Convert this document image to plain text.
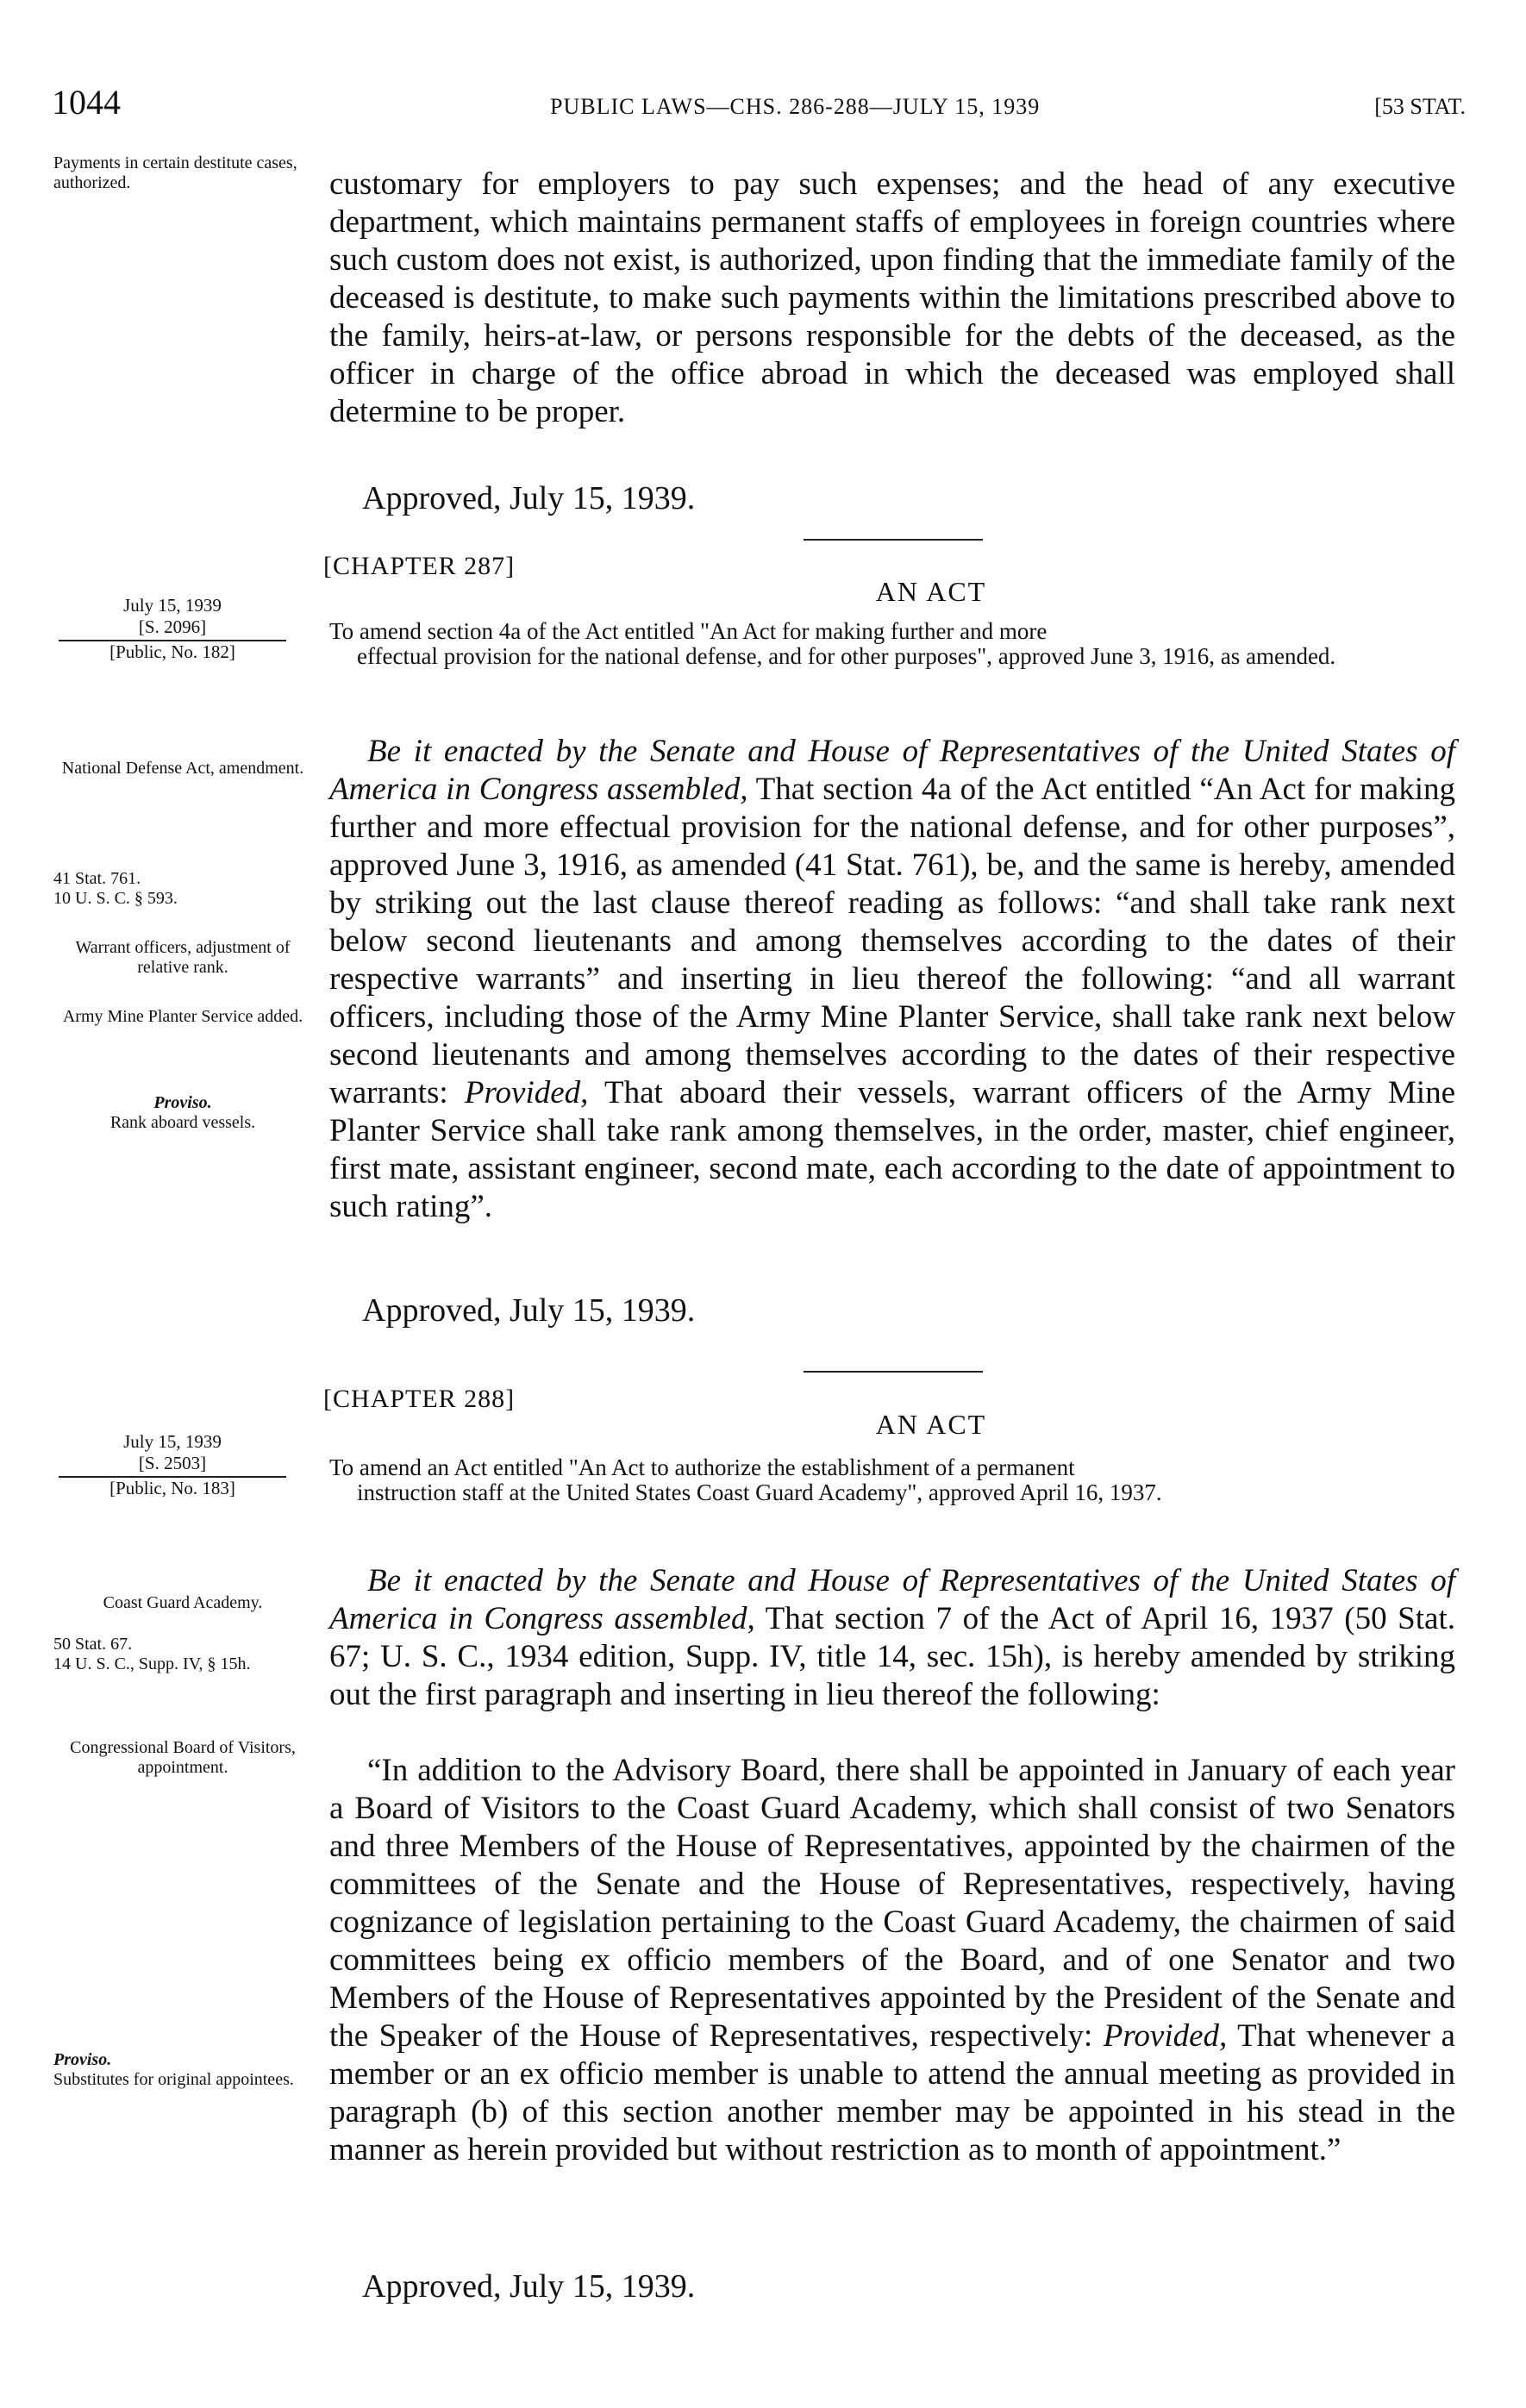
1044	PUBLIC LAWS—CHS. 286-288—JULY 15, 1939	[53 STAT.
Payments in certain destitute cases, authorized.	customary for employers to pay such expenses; and the head of any executive department, which maintains permanent staffs of employees in foreign countries where such custom does not exist, is authorized, upon finding that the immediate family of the deceased is destitute, to make such payments within the limitations prescribed above to the family, heirs-at-law, or persons responsible for the debts of the deceased, as the officer in charge of the office abroad in which the deceased was employed shall determine to be proper.
Approved, July 15, 1939.
[CHAPTER 287]
AN ACT
July 15, 1939
[S. 2096]
[Public, No. 182]
To amend section 4a of the Act entitled "An Act for making further and more
effectual provision for the national defense, and for other purposes", approved June 3, 1916, as amended.
National Defense Act, amendment.
41 Stat. 761.
10 U. S. C. § 593.
Warrant officers, adjustment of relative rank.
Army Mine Planter Service added.
Proviso.
Rank aboard vessels.
Be it enacted by the Senate and House of Representatives of the United States of America in Congress assembled, That section 4a of the Act entitled “An Act for making further and more effectual provision for the national defense, and for other purposes”, approved June 3, 1916, as amended (41 Stat. 761), be, and the same is hereby, amended by striking out the last clause thereof reading as follows: “and shall take rank next below second lieutenants and among themselves according to the dates of their respective warrants” and inserting in lieu thereof the following: “and all warrant officers, including those of the Army Mine Planter Service, shall take rank next below second lieutenants and among themselves according to the dates of their respective warrants: Provided, That aboard their vessels, warrant officers of the Army Mine Planter Service shall take rank among themselves, in the order, master, chief engineer, first mate, assistant engineer, second mate, each according to the date of appointment to such rating”.
Approved, July 15, 1939.
[CHAPTER 288]
AN ACT
July 15, 1939
[S. 2503]
[Public, No. 183]
To amend an Act entitled "An Act to authorize the establishment of a permanent
instruction staff at the United States Coast Guard Academy", approved April 16, 1937.
Coast Guard Academy.
50 Stat. 67.
14 U. S. C., Supp. IV, § 15h.
Congressional Board of Visitors, appointment.
Proviso.
Substitutes for original appointees.
Be it enacted by the Senate and House of Representatives of the United States of America in Congress assembled, That section 7 of the Act of April 16, 1937 (50 Stat. 67; U. S. C., 1934 edition, Supp. IV, title 14, sec. 15h), is hereby amended by striking out the first paragraph and inserting in lieu thereof the following:
“In addition to the Advisory Board, there shall be appointed in January of each year a Board of Visitors to the Coast Guard Academy, which shall consist of two Senators and three Members of the House of Representatives, appointed by the chairmen of the committees of the Senate and the House of Representatives, respectively, having cognizance of legislation pertaining to the Coast Guard Academy, the chairmen of said committees being ex officio members of the Board, and of one Senator and two Members of the House of Representatives appointed by the President of the Senate and the Speaker of the House of Representatives, respectively: Provided, That whenever a member or an ex officio member is unable to attend the annual meeting as provided in paragraph (b) of this section another member may be appointed in his stead in the manner as herein provided but without restriction as to month of appointment.”
Approved, July 15, 1939.
